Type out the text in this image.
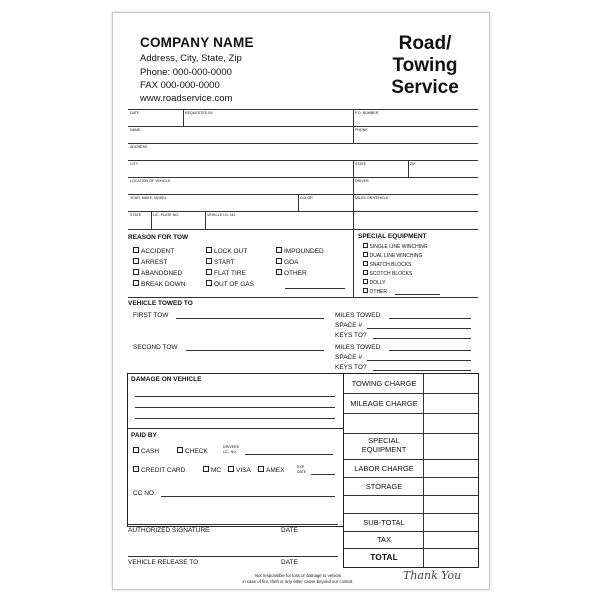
COMPANY NAME
Address, City, State, Zip
Phone: 000-000-0000
FAX 000-000-0000
www.roadservice.com
Road/
Towing
Service
DATE	REQUESTED BY	P.O. NUMBER
NAME	PHONE
ADDRESS
CITY	STATE	ZIP
LOCATION OF VEHICLE	DRIVER
YEAR, MAKE, MODEL	COLOR	MILES ON VEHICLE
STATE	LIC. PLATE NO.	VEHICLE I.D. NO.
REASON FOR TOW
ACCIDENT
ARREST
ABANDONED
BREAK DOWN
LOCK OUT
START
FLAT TIRE
OUT OF GAS
IMPOUNDED
GOA
OTHER
SPECIAL EQUIPMENT
SINGLE LINE WINCHING
DUAL LINE WINCHING
SNATCH BLOCKS
SCOTCH BLOCKS
DOLLY
OTHER
VEHICLE TOWED TO
FIRST TOW
SECOND TOW
MILES TOWED
SPACE #
KEYS TO?
MILES TOWED
SPACE #
KEYS TO?
DAMAGE ON VEHICLE
PAID BY
CASH	CHECK
DRIVERS LIC. NO.
CREDIT CARD	MC	VISA	AMEX	EXP. DATE
CC NO.
TOWING CHARGE
MILEAGE CHARGE
SPECIAL
EQUIPMENT
LABOR CHARGE
STORAGE
SUB-TOTAL
TAX
TOTAL
AUTHORIZED SIGNATURE	DATE
VEHICLE RELEASE TO	DATE
Not responsible for loss or damage to vehicle
in case of fire, theft or any other cause beyond our control.	Thank You
